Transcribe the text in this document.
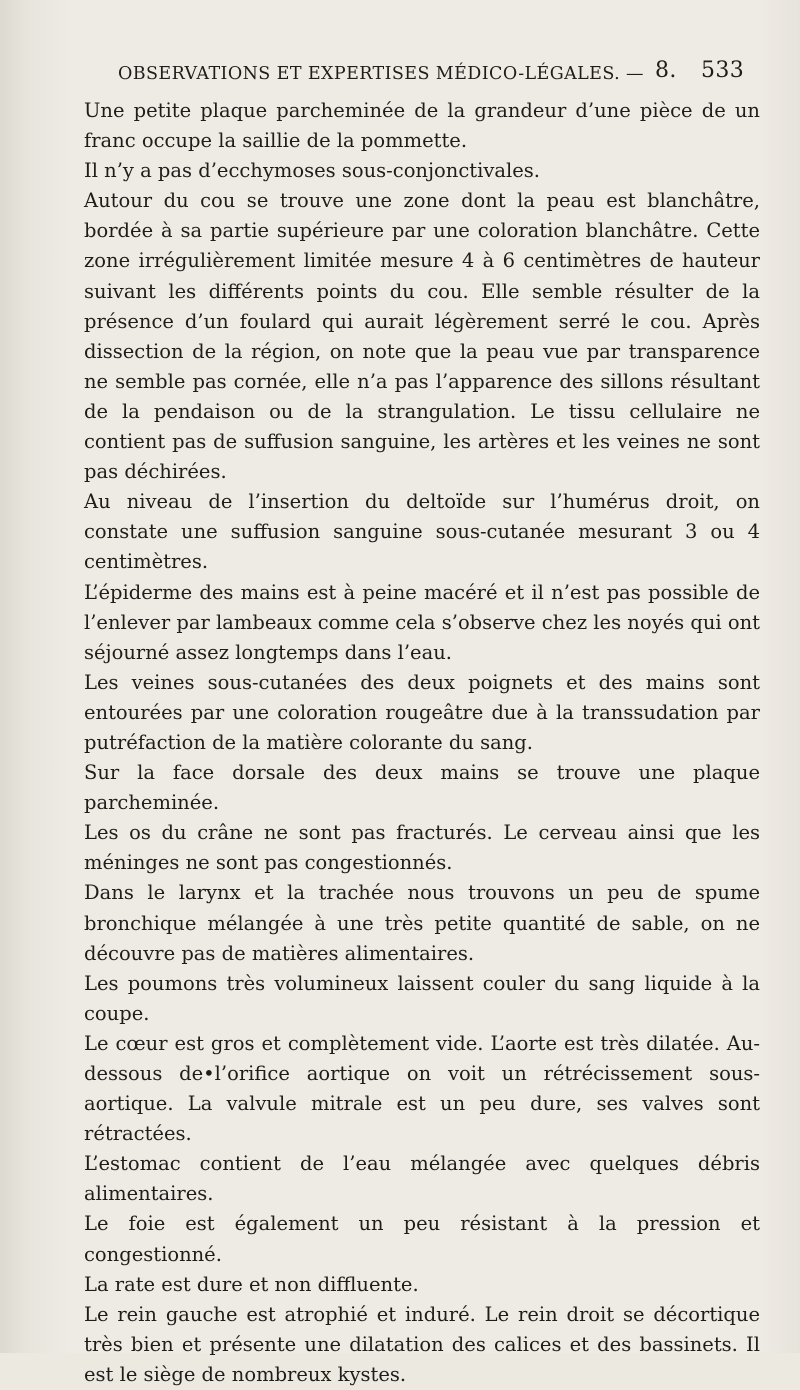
OBSERVATIONS ET EXPERTISES MÉDICO-LÉGALES. — 8. 533

Une petite plaque parcheminée de la grandeur d’une pièce de un franc occupe la saillie de la pommette.

Il n’y a pas d’ecchymoses sous-conjonctivales.

Autour du cou se trouve une zone dont la peau est blanchâtre, bordée à sa partie supérieure par une coloration blanchâtre. Cette zone irrégulièrement limitée mesure 4 à 6 centimètres de hauteur suivant les différents points du cou. Elle semble résulter de la présence d’un foulard qui aurait légèrement serré le cou. Après dissection de la région, on note que la peau vue par transparence ne semble pas cornée, elle n’a pas l’apparence des sillons résultant de la pendaison ou de la strangulation. Le tissu cellulaire ne contient pas de suffusion sanguine, les artères et les veines ne sont pas déchirées.

Au niveau de l’insertion du deltoïde sur l’humérus droit, on constate une suffusion sanguine sous-cutanée mesurant 3 ou 4 centimètres.

L’épiderme des mains est à peine macéré et il n’est pas possible de l’enlever par lambeaux comme cela s’observe chez les noyés qui ont séjourné assez longtemps dans l’eau.

Les veines sous-cutanées des deux poignets et des mains sont entourées par une coloration rougeâtre due à la transsudation par putréfaction de la matière colorante du sang.

Sur la face dorsale des deux mains se trouve une plaque parcheminée.

Les os du crâne ne sont pas fracturés. Le cerveau ainsi que les méninges ne sont pas congestionnés.

Dans le larynx et la trachée nous trouvons un peu de spume bronchique mélangée à une très petite quantité de sable, on ne découvre pas de matières alimentaires.

Les poumons très volumineux laissent couler du sang liquide à la coupe.

Le cœur est gros et complètement vide. L’aorte est très dilatée. Au-dessous de•l’orifice aortique on voit un rétrécissement sous-aortique. La valvule mitrale est un peu dure, ses valves sont rétractées.

L’estomac contient de l’eau mélangée avec quelques débris alimentaires.

Le foie est également un peu résistant à la pression et congestionné.

La rate est dure et non diffluente.

Le rein gauche est atrophié et induré. Le rein droit se décortique très bien et présente une dilatation des calices et des bassinets. Il est le siège de nombreux kystes.
